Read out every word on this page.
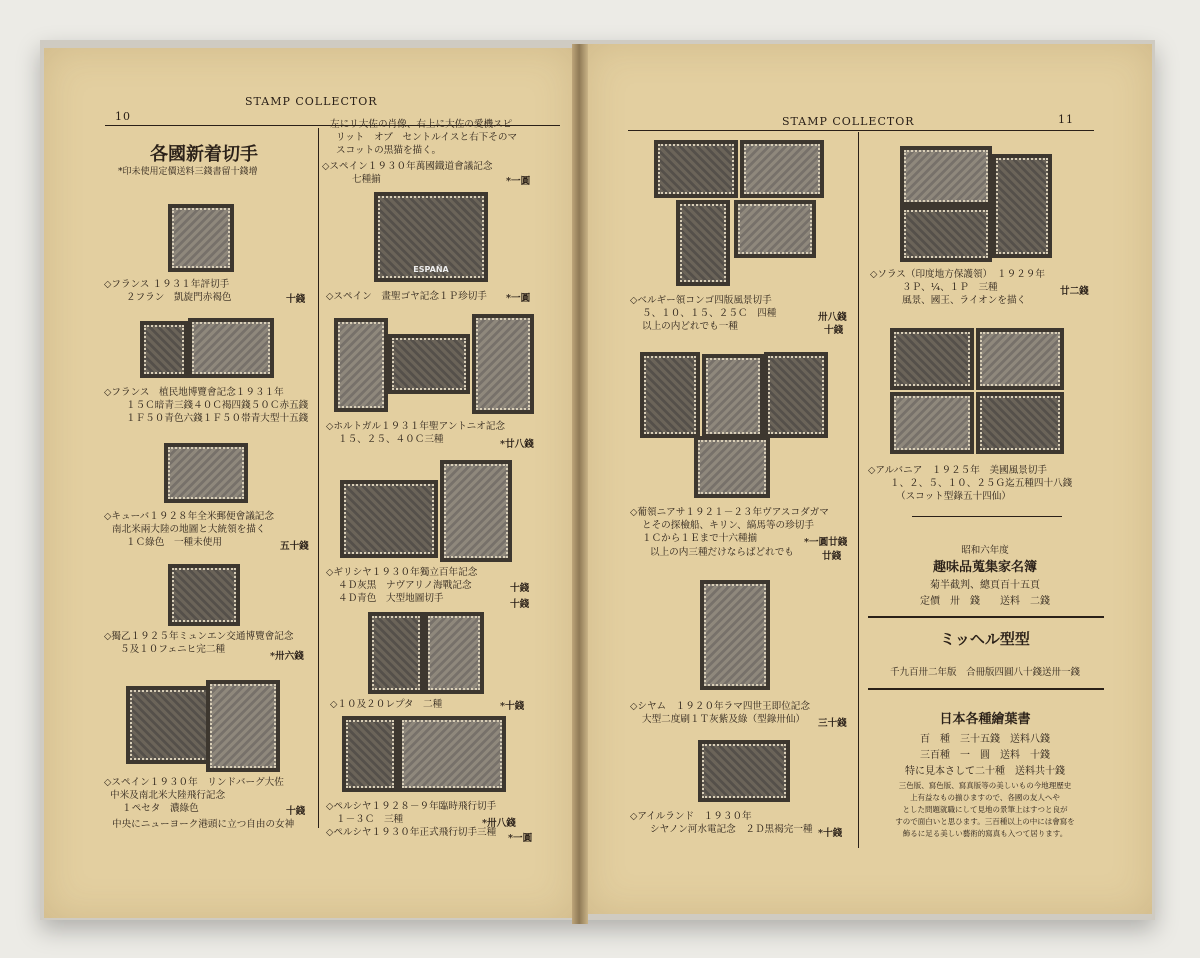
10
STAMP COLLECTOR
各國新着切手
*印未使用定價送料三錢書留十錢增
◇フランス １９３１年評切手
２フラン　凱旋門赤褐色	十錢
◇フランス　植民地博覽會記念１９３１年
１５Ｃ暗青三錢４０Ｃ褐四錢５０Ｃ赤五錢
１Ｆ５０青色六錢１Ｆ５０帯青大型十五錢
◇キューバ１９２８年全米郵便會議記念
南北米兩大陸の地圖と大統領を描く
１Ｃ綠色　一種未使用	五十錢
◇獨乙１９２５年ミュンエン交通博覽會記念
５及１０フェニヒ完二種
*卅六錢
◇スペイン１９３０年　リンドバーグ大佐
中米及南北米大陸飛行記念
１ペセタ　濃綠色	十錢
中央にニューヨーク港頭に立つ自由の女神
左にリ大佐の肖像、右上に大佐の愛機スピ
リット　オブ　セントルイスと右下そのマ
スコットの黒猫を描く。
◇スペイン１９３０年萬國鐵道會議記念
七種揃	*一圓
ESPAÑA
◇スペイン　畫聖ゴヤ記念１Ｐ珍切手 *一圓
◇ホルトガル１９３１年聖アントニオ記念
１５、２５、４０Ｃ三種	*廿八錢
◇ギリシヤ１９３０年獨立百年記念
４Ｄ灰黒　ナヴアリノ海戰記念	十錢
４Ｄ青色　大型地圖切手
十錢
◇１０及２０レプタ　二種	*十錢
◇ペルシヤ１９２８－９年臨時飛行切手
１－３Ｃ　三種	*卅八錢
◇ペルシヤ１９３０年正式飛行切手三種
*一圓
STAMP COLLECTOR	11
◇ベルギー領コンゴ四版風景切手
５、１０、１５、２５Ｃ　四種	卅八錢
以上の内どれでも一種	十錢
◇葡領ニアサ１９２１－２３年ヴアスコダガマ
とその探檢船、キリン、縞馬等の珍切手
１Ｃから１Ｅまで十六種揃	*一圓廿錢
以上の内三種だけならばどれでも	廿錢
◇シヤム　１９２０年ラマ四世王即位記念
大型二度刷１Ｔ灰紫及綠（型錄卅仙） 三十錢
◇アイルランド　１９３０年
シヤノン河水電記念　２Ｄ黒褐完一種 *十錢
◇ソラス（印度地方保護領）　１９２９年
３Ｐ、¼、１Ｐ　三種	廿二錢
風景、國王、ライオンを描く
◇アルバニア　１９２５年　美國風景切手
１、２、５、１０、２５Ｇ迄五種四十八錢
（スコット型錄五十四仙）
昭和六年度
趣味品蒐集家名簿
菊半截判、總頁百十五頁
定價　卅　錢　　送料　二錢
ミッヘル型型
千九百卅二年版　合冊版四圓八十錢送卅一錢
日本各種繪葉書
百　種　三十五錢　送料八錢
三百種　一　圓　送料　十錢
特に見本さして二十種　送料共十錢
三色版、寫色版、寫真版等の美しいもの今地理歷史
上有益なもの揃ひますので、各國の友人へや
とした問題就職にして見地の景筆上はすつと良が
すので面白いと思ひます。三百種以上の中には會寫を
飾るに足る美しい藝術的寫真も入つて居ります。
